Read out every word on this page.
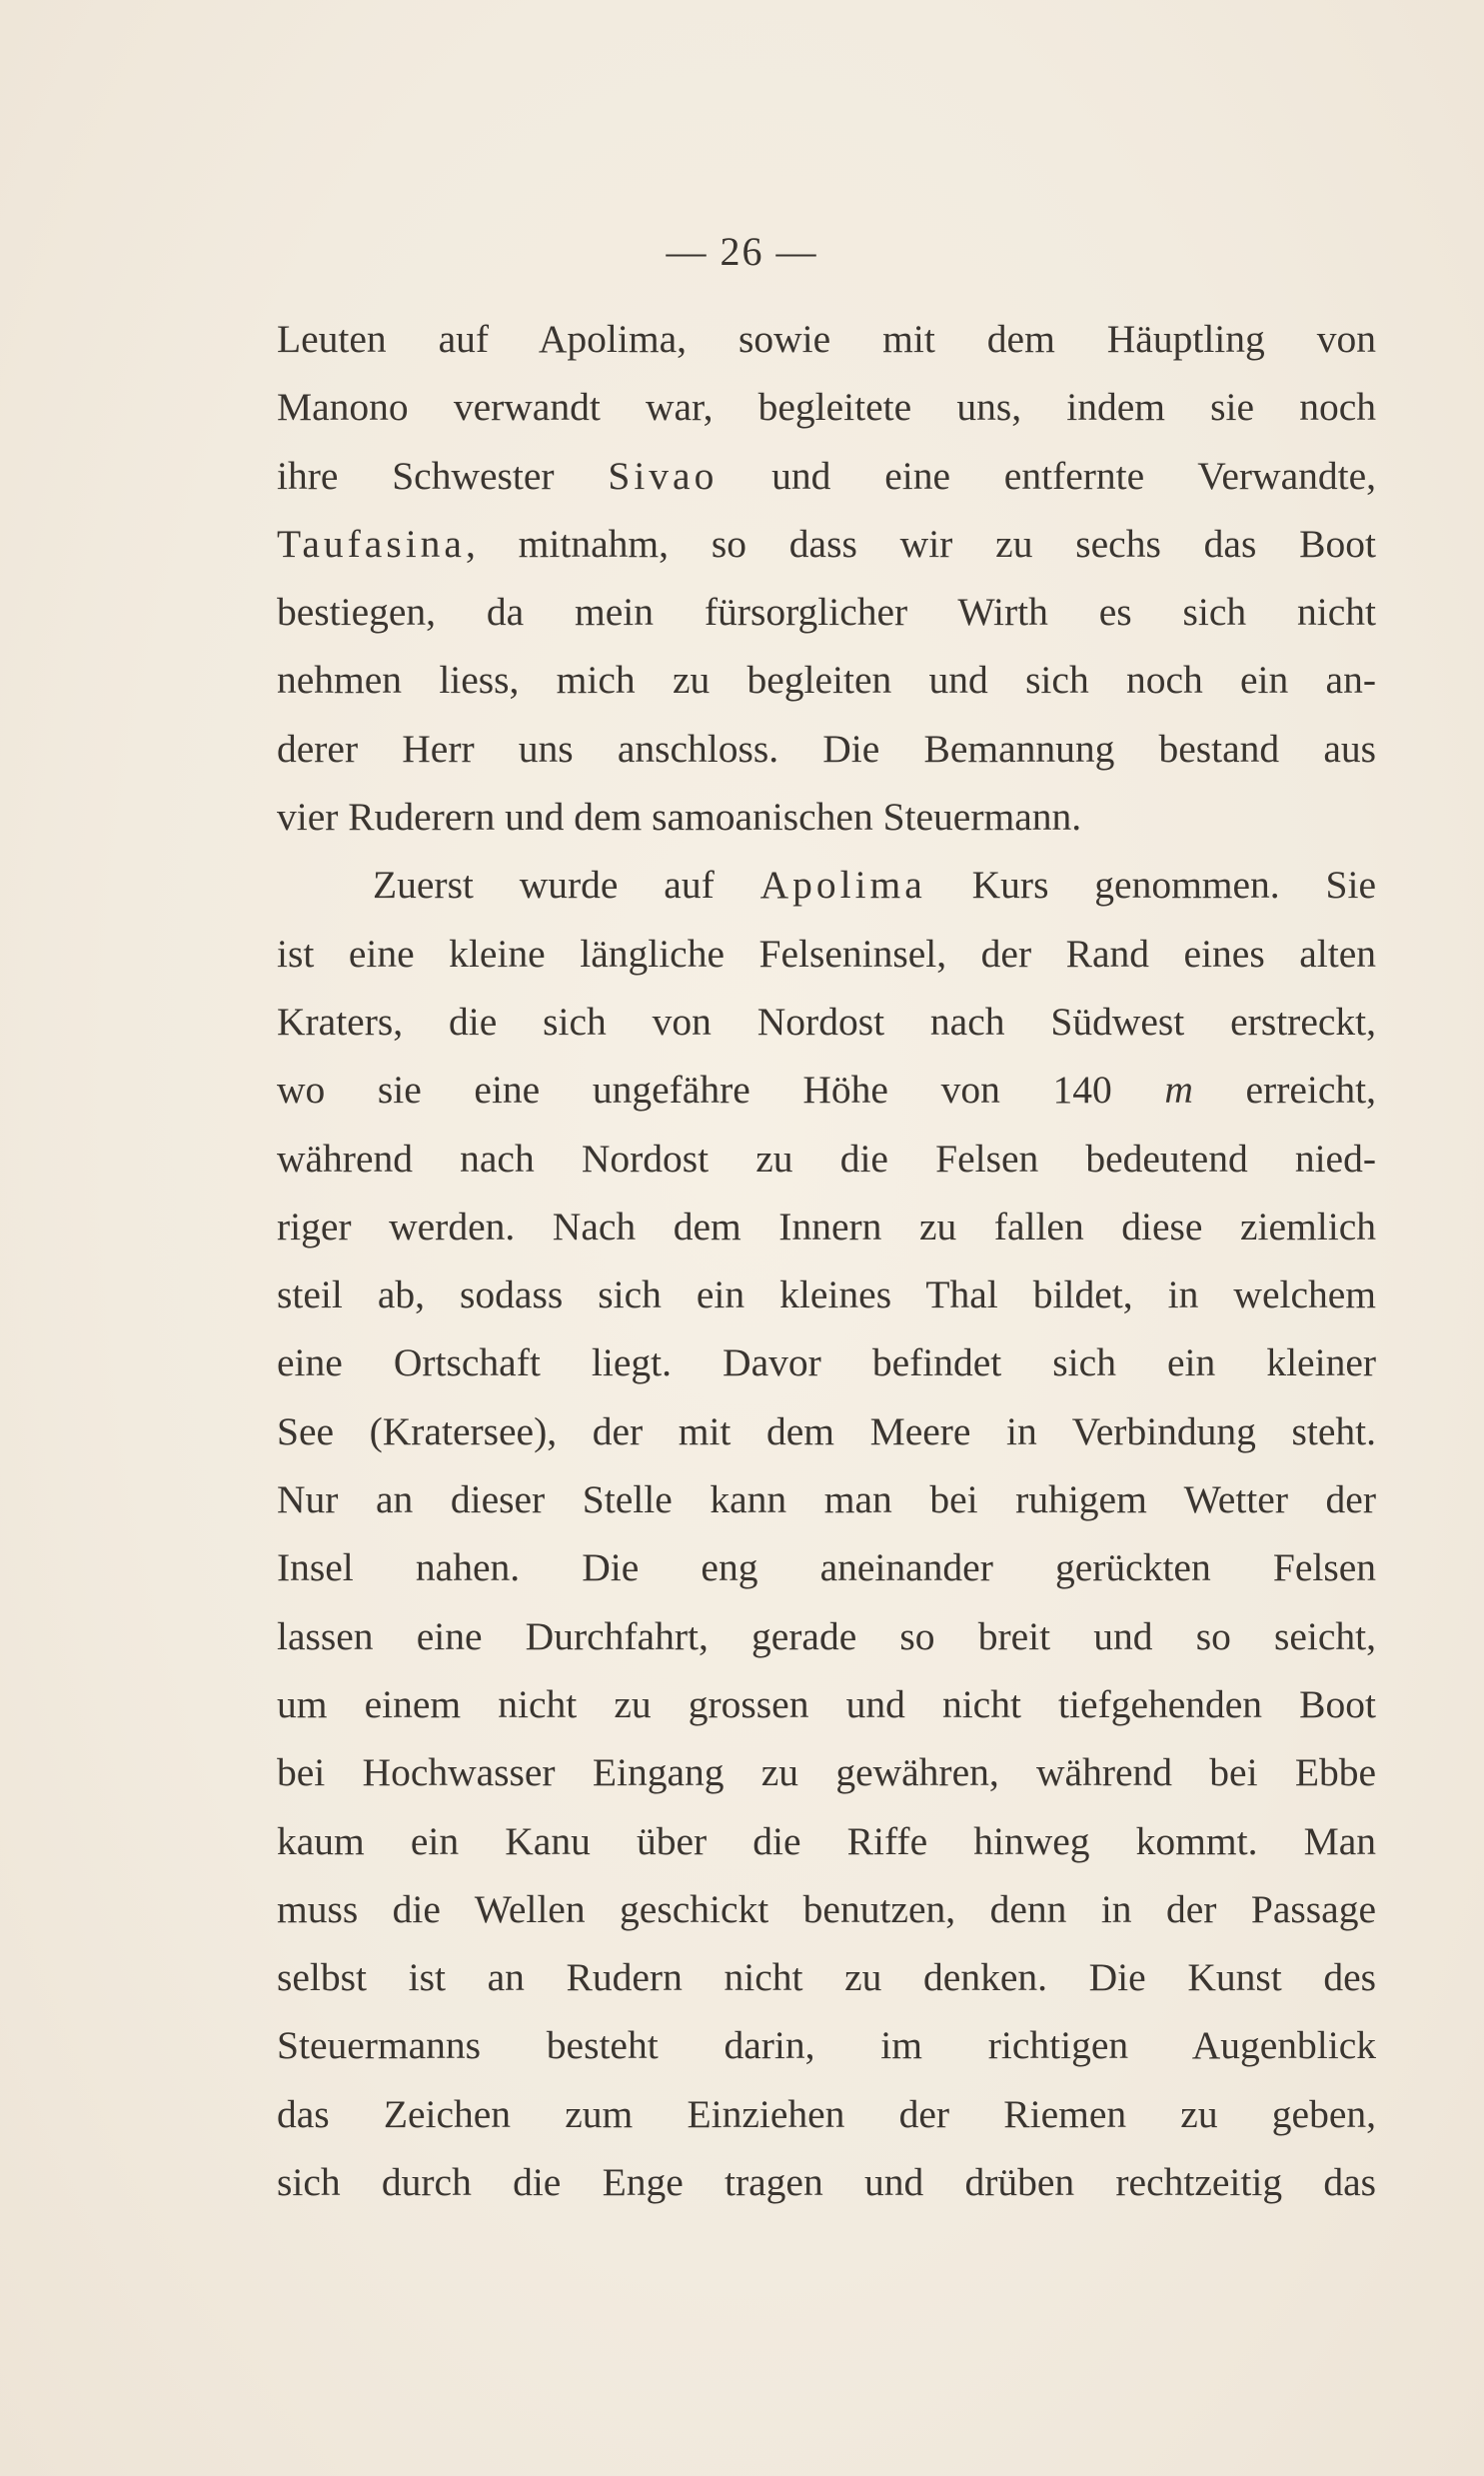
— 26 —
Leuten auf Apolima, sowie mit dem Häuptling von
Manono verwandt war, begleitete uns, indem sie noch
ihre Schwester Sivao und eine entfernte Verwandte,
Taufasina, mitnahm, so dass wir zu sechs das Boot
bestiegen, da mein fürsorglicher Wirth es sich nicht
nehmen liess, mich zu begleiten und sich noch ein an-
derer Herr uns anschloss. Die Bemannung bestand aus
vier Ruderern und dem samoanischen Steuermann.
Zuerst wurde auf Apolima Kurs genommen. Sie
ist eine kleine längliche Felseninsel, der Rand eines alten
Kraters, die sich von Nordost nach Südwest erstreckt,
wo sie eine ungefähre Höhe von 140 m erreicht,
während nach Nordost zu die Felsen bedeutend nied-
riger werden. Nach dem Innern zu fallen diese ziemlich
steil ab, sodass sich ein kleines Thal bildet, in welchem
eine Ortschaft liegt. Davor befindet sich ein kleiner
See (Kratersee), der mit dem Meere in Verbindung steht.
Nur an dieser Stelle kann man bei ruhigem Wetter der
Insel nahen. Die eng aneinander gerückten Felsen
lassen eine Durchfahrt, gerade so breit und so seicht,
um einem nicht zu grossen und nicht tiefgehenden Boot
bei Hochwasser Eingang zu gewähren, während bei Ebbe
kaum ein Kanu über die Riffe hinweg kommt. Man
muss die Wellen geschickt benutzen, denn in der Passage
selbst ist an Rudern nicht zu denken. Die Kunst des
Steuermanns besteht darin, im richtigen Augenblick
das Zeichen zum Einziehen der Riemen zu geben,
sich durch die Enge tragen und drüben rechtzeitig das
